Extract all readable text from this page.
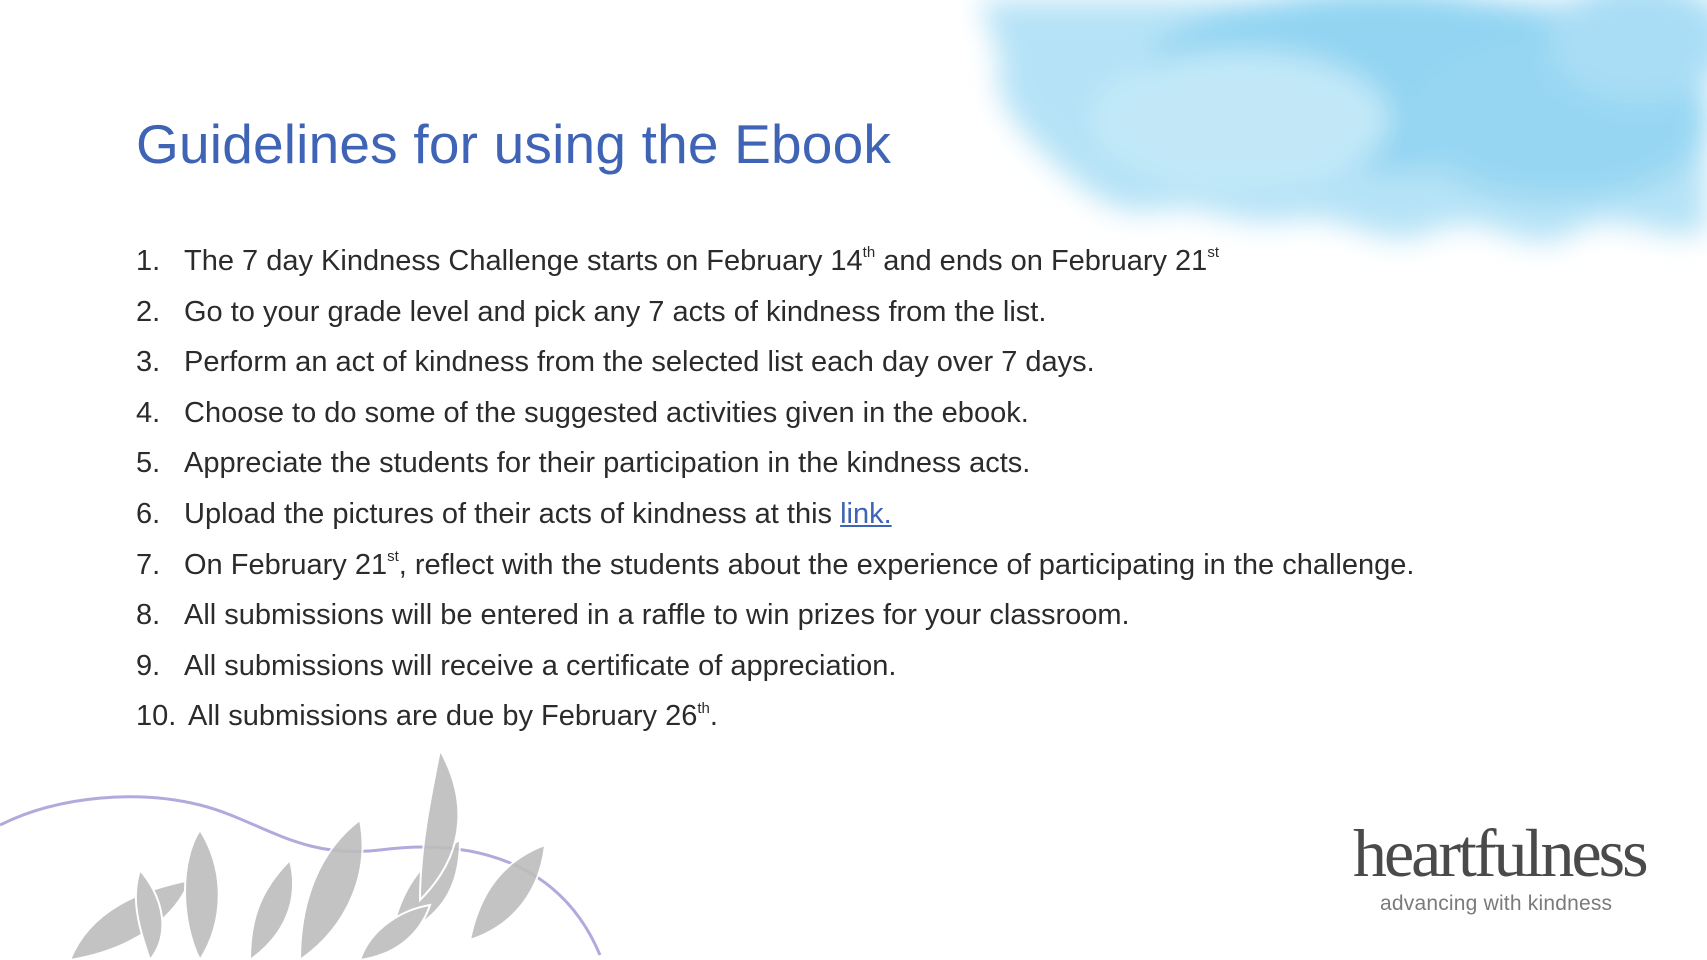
Guidelines for using the Ebook
1. The 7 day Kindness Challenge starts on February 14th and ends on February 21st
2. Go to your grade level and pick any 7 acts of kindness from the list.
3. Perform an act of kindness from the selected list each day over 7 days.
4. Choose to do some of the suggested activities given in the ebook.
5. Appreciate the students for their participation in the kindness acts.
6. Upload the pictures of their acts of kindness at this link.
7. On February 21st, reflect with the students about the experience of participating in the challenge.
8. All submissions will be entered in a raffle to win prizes for your classroom.
9. All submissions will receive a certificate of appreciation.
10. All submissions are due by February 26th.
heartfulness
advancing with kindness
